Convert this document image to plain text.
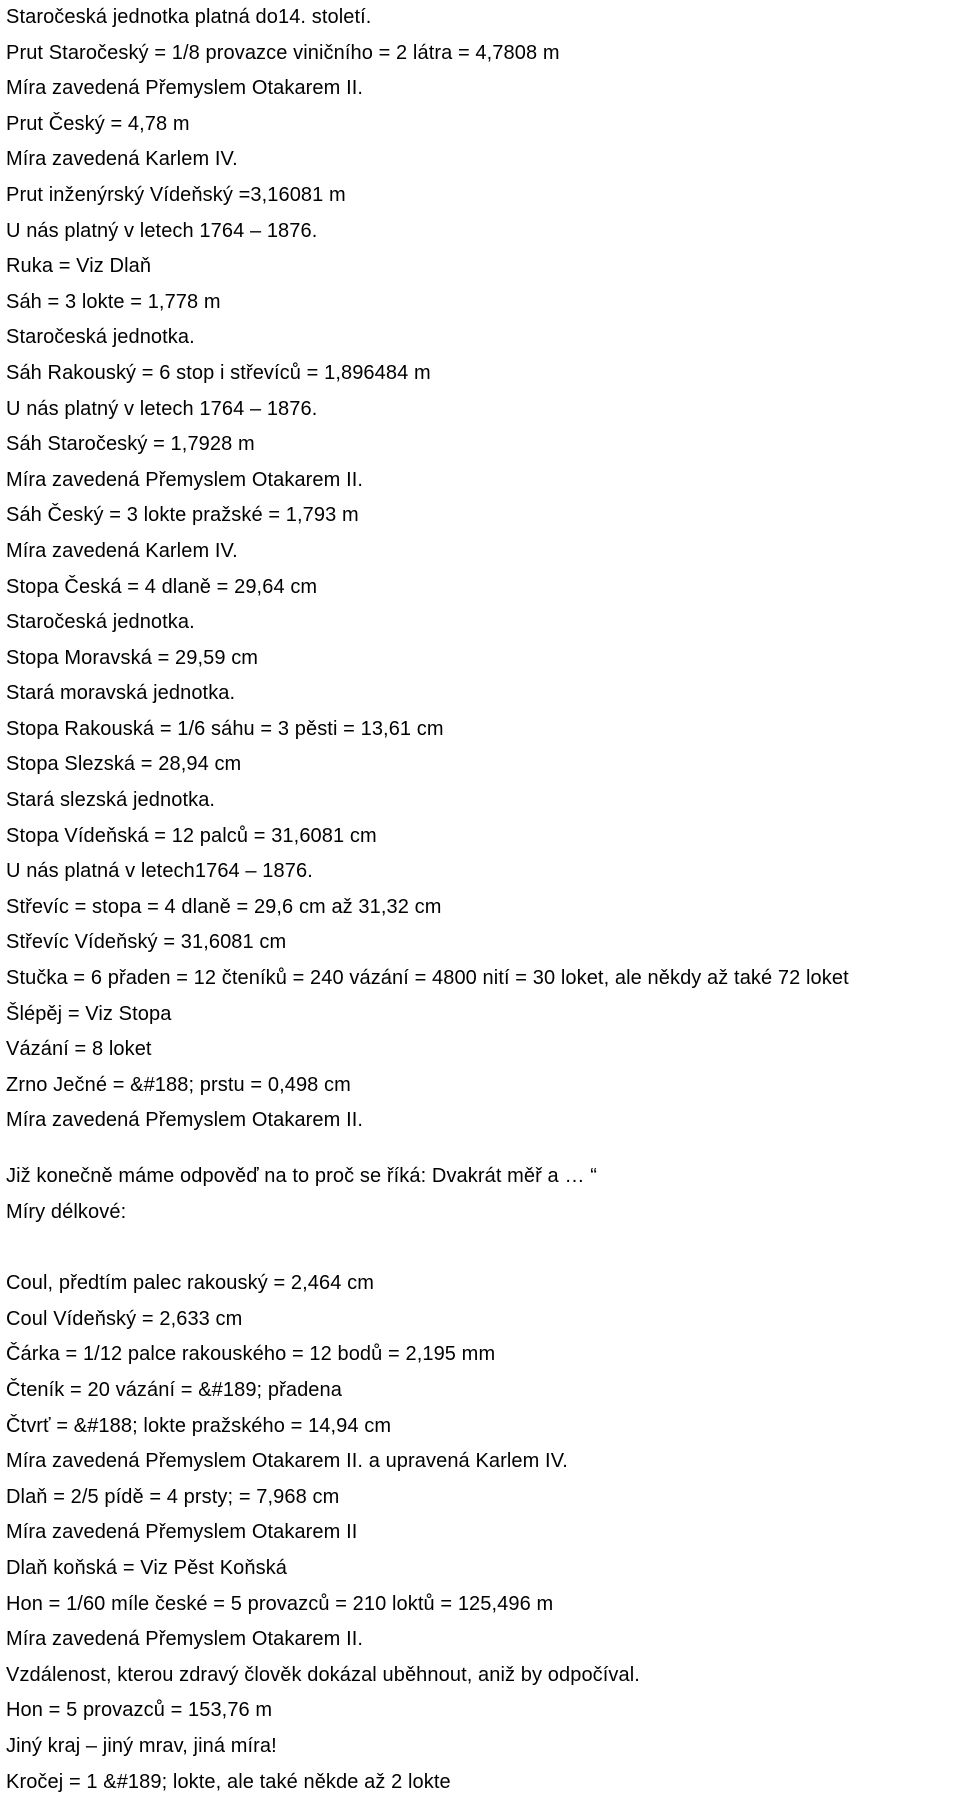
Staročeská jednotka platná do14. století.
Prut Staročeský = 1/8 provazce viničního = 2 látra = 4,7808 m
Míra zavedená Přemyslem Otakarem II.
Prut Český = 4,78 m
Míra zavedená Karlem IV.
Prut inženýrský Vídeňský =3,16081 m
U nás platný v letech 1764 – 1876.
Ruka = Viz Dlaň
Sáh = 3 lokte = 1,778 m
Staročeská jednotka.
Sáh Rakouský = 6 stop i střevíců = 1,896484 m
U nás platný v letech 1764 – 1876.
Sáh Staročeský = 1,7928 m
Míra zavedená Přemyslem Otakarem II.
Sáh Český = 3 lokte pražské = 1,793 m
Míra zavedená Karlem IV.
Stopa Česká = 4 dlaně = 29,64 cm
Staročeská jednotka.
Stopa Moravská = 29,59 cm
Stará moravská jednotka.
Stopa Rakouská = 1/6 sáhu = 3 pěsti = 13,61 cm
Stopa Slezská = 28,94 cm
Stará slezská jednotka.
Stopa Vídeňská = 12 palců = 31,6081 cm
U nás platná v letech1764 – 1876.
Střevíc = stopa = 4 dlaně = 29,6 cm až 31,32 cm
Střevíc Vídeňský = 31,6081 cm
Stučka = 6 přaden = 12 čteníků = 240 vázání = 4800 nití = 30 loket, ale někdy až také 72 loket
Šlépěj = Viz Stopa
Vázání = 8 loket
Zrno Ječné = &#188; prstu = 0,498 cm
Míra zavedená Přemyslem Otakarem II.
Již konečně máme odpověď na to proč se říká: Dvakrát měř a … “
Míry délkové:
Coul, předtím palec rakouský = 2,464 cm
Coul Vídeňský = 2,633 cm
Čárka = 1/12 palce rakouského = 12 bodů = 2,195 mm
Čteník = 20 vázání = &#189; přadena
Čtvrť = &#188; lokte pražského = 14,94 cm
Míra zavedená Přemyslem Otakarem II. a upravená Karlem IV.
Dlaň = 2/5 pídě = 4 prsty; = 7,968 cm
Míra zavedená Přemyslem Otakarem II
Dlaň koňská = Viz Pěst Koňská
Hon = 1/60 míle české = 5 provazců = 210 loktů = 125,496 m
Míra zavedená Přemyslem Otakarem II.
Vzdálenost, kterou zdravý člověk dokázal uběhnout, aniž by odpočíval.
Hon = 5 provazců = 153,76 m
Jiný kraj – jiný mrav, jiná míra!
Kročej = 1 &#189; lokte, ale také někde až 2 lokte
